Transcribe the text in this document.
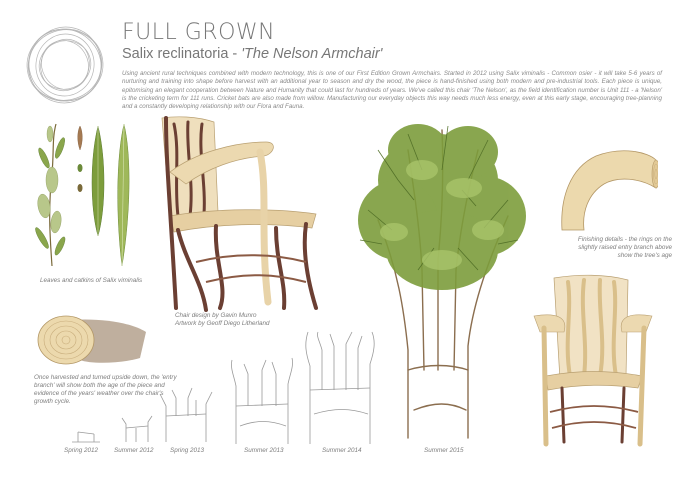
FULL GROWN
Salix reclinatoria - 'The Nelson Armchair'

Using ancient rural techniques combined with modern technology, this is one of our First Edition Grown Armchairs. Started in 2012 using Salix viminalis - Common osier - it will take 5-6 years of nurturing and training into shape before harvest with an additional year to season and dry the wood, the piece is hand-finished using both modern and pre-industrial tools. Each piece is unique, epitomising an elegant cooperation between Nature and Humanity that could last for hundreds of years. We've called this chair 'The Nelson', as the field identification number is Unit 111 - a 'Nelson' is the cricketing term for 111 runs. Cricket bats are also made from willow. Manufacturing our everyday objects this way needs much less energy, even at this early stage, encouraging tree-planning and a constantly developing relationship with our Flora and Fauna.

Leaves and catkins of Salix viminalis
Chair design by Gavin Munro
Artwork by Geoff Diego Litherland
Once harvested and turned upside down, the 'entry branch' will show both the age of the piece and evidence of the years' weather over the chair's growth cycle.
Spring 2012	Summer 2012	Spring 2013	Summer 2013	Summer 2014	Summer 2015
Finishing details - the rings on the slightly raised entry branch above show the tree's age
